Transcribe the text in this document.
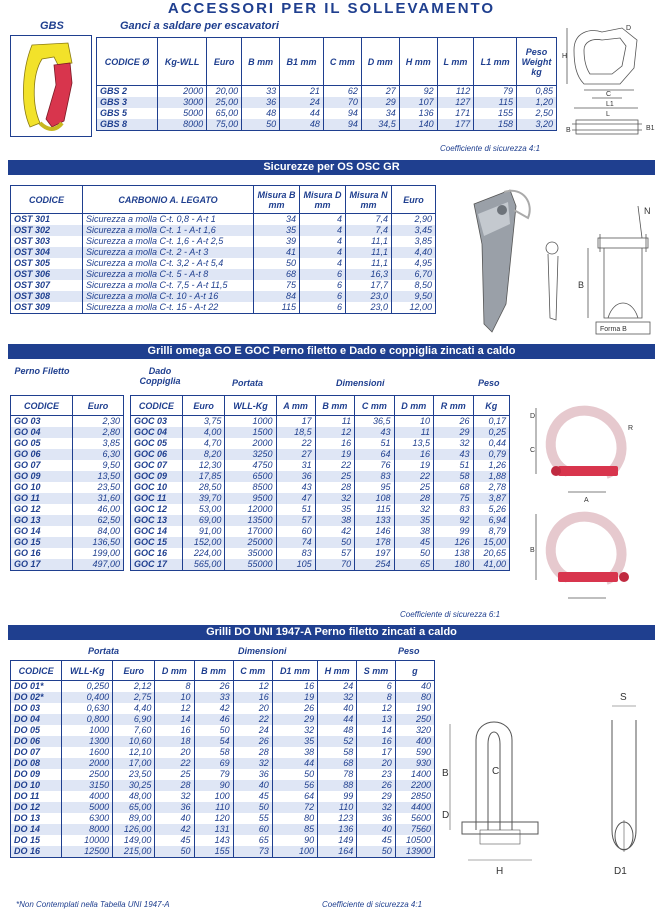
ACCESSORI PER IL SOLLEVAMENTO
GBS	Ganci a saldare per escavatori
CODICE Ø	Kg-WLL	Euro	B mm	B1 mm	C mm	D mm	H mm	L mm	L1 mm	Peso Weight kg
GBS 2	2000	20,00	33	21	62	27	92	112	79	0,85
GBS 3	3000	25,00	36	24	70	29	107	127	115	1,20
GBS 5	5000	65,00	48	44	94	34	136	171	155	2,50
GBS 8	8000	75,00	50	48	94	34,5	140	177	158	3,20
Coefficiente di sicurezza 4:1
H
C
L1
L
B1
B
D
Sicurezze per OS OSC GR
CODICE	CARBONIO A. LEGATO	Misura B mm	Misura D mm	Misura N mm	Euro
OST 301	Sicurezza a molla C-t. 0,8 - A-t 1	34	4	7,4	2,90
OST 302	Sicurezza a molla C-t. 1 - A-t 1,6	35	4	7,4	3,45
OST 303	Sicurezza a molla C-t. 1,6 - A-t 2,5	39	4	11,1	3,85
OST 304	Sicurezza a molla C-t. 2 - A-t 3	41	4	11,1	4,40
OST 305	Sicurezza a molla C-t. 3,2 - A-t 5,4	50	4	11,1	4,95
OST 306	Sicurezza a molla C-t. 5 - A-t 8	68	6	16,3	6,70
OST 307	Sicurezza a molla C-t. 7,5 - A-t 11,5	75	6	17,7	8,50
OST 308	Sicurezza a molla C-t. 10 - A-t 16	84	6	23,0	9,50
OST 309	Sicurezza a molla C-t. 15 - A-t 22	115	6	23,0	12,00
N
B
Forma B
Grilli omega GO E GOC Perno filetto e Dado e coppiglia zincati a caldo
Perno Filetto	Dado Coppiglia	Portata	Dimensioni	Peso
CODICE	Euro
GO 03	2,30
GO 04	2,80
GO 05	3,85
GO 06	6,30
GO 07	9,50
GO 09	13,50
GO 10	23,50
GO 11	31,60
GO 12	46,00
GO 13	62,50
GO 14	84,00
GO 15	136,50
GO 16	199,00
GO 17	497,00
CODICE	Euro	WLL-Kg	A mm	B mm	C mm	D mm	R mm	Kg
GOC 03	3,75	1000	17	11	36,5	10	26	0,17
GOC 04	4,00	1500	18,5	12	43	11	29	0,25
GOC 05	4,70	2000	22	16	51	13,5	32	0,44
GOC 06	8,20	3250	27	19	64	16	43	0,79
GOC 07	12,30	4750	31	22	76	19	51	1,26
GOC 09	17,85	6500	36	25	83	22	58	1,88
GOC 10	28,50	8500	43	28	95	25	68	2,78
GOC 11	39,70	9500	47	32	108	28	75	3,87
GOC 12	53,00	12000	51	35	115	32	83	5,26
GOC 13	69,00	13500	57	38	133	35	92	6,94
GOC 14	91,00	17000	60	42	146	38	99	8,79
GOC 15	152,00	25000	74	50	178	45	126	15,00
GOC 16	224,00	35000	83	57	197	50	138	20,65
GOC 17	565,00	55000	105	70	254	65	180	41,00
Coefficiente di sicurezza 6:1
D
C
A
R
B
Grilli DO UNI 1947-A Perno filetto zincati a caldo
Portata	Dimensioni	Peso
CODICE	WLL-Kg	Euro	D mm	B mm	C mm	D1 mm	H mm	S mm	g
DO 01*	0,250	2,12	8	26	12	16	24	6	40
DO 02*	0,400	2,75	10	33	16	19	32	8	80
DO 03	0,630	4,40	12	42	20	26	40	12	190
DO 04	0,800	6,90	14	46	22	29	44	13	250
DO 05	1000	7,60	16	50	24	32	48	14	320
DO 06	1300	10,60	18	54	26	35	52	16	400
DO 07	1600	12,10	20	58	28	38	58	17	590
DO 08	2000	17,00	22	69	32	44	68	20	930
DO 09	2500	23,50	25	79	36	50	78	23	1400
DO 10	3150	30,25	28	90	40	56	88	26	2200
DO 11	4000	48,00	32	100	45	64	99	29	2850
DO 12	5000	65,00	36	110	50	72	110	32	4400
DO 13	6300	89,00	40	120	55	80	123	36	5600
DO 14	8000	126,00	42	131	60	85	136	40	7560
DO 15	10000	149,00	45	143	65	90	149	45	10500
DO 16	12500	215,00	50	155	73	100	164	50	13900
*Non Contemplati nella Tabella UNI 1947-A	Coefficiente di sicurezza 4:1
S
B	C
D
H	D1
